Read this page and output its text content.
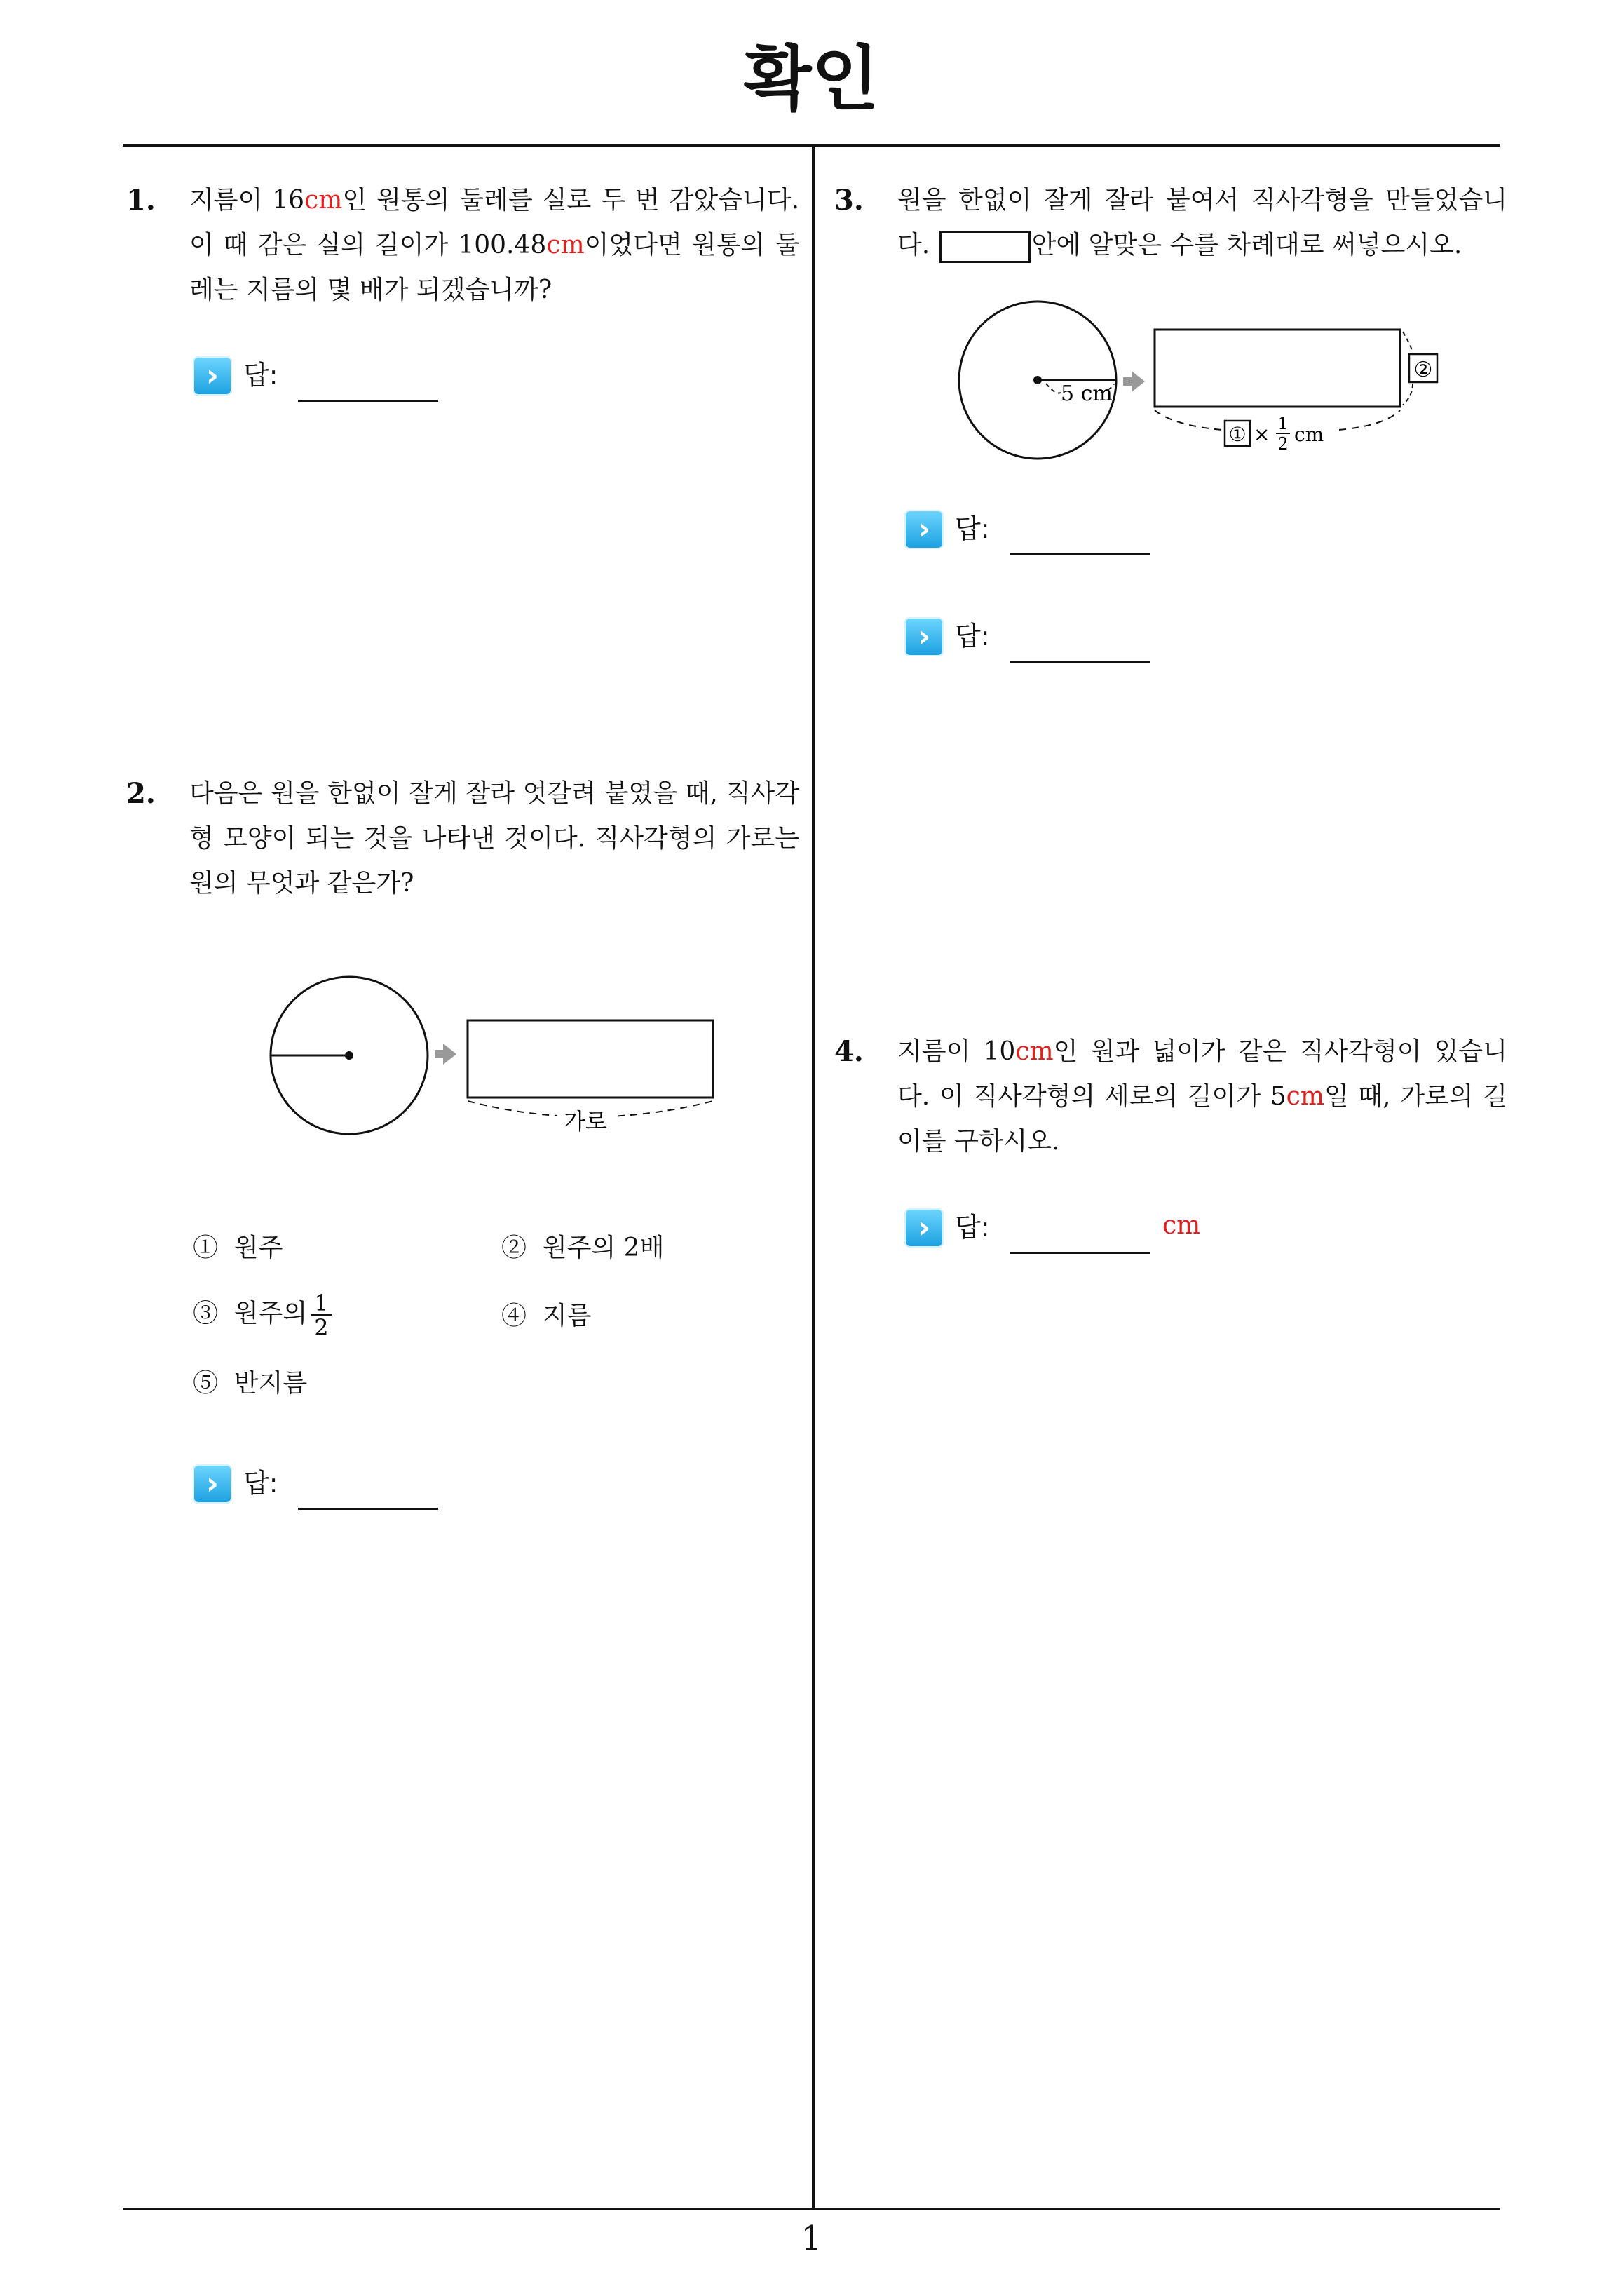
확인
1
1. 지름이 16cm인 원통의 둘레를 실로 두 번 감았습니다. 이 때 감은 실의 길이가 100.48cm이었다면 원통의 둘레는 지름의 몇 배가 되겠습니까?
› 답:
2. 다음은 원을 한없이 잘게 잘라 엇갈려 붙였을 때, 직사각형 모양이 되는 것을 나타낸 것이다. 직사각형의 가로는 원의 무엇과 같은가?
가로
① 원주	② 원주의 2배
③ 원주의 $\frac{1}{2}$	④ 지름
⑤ 반지름
› 답:
3. 원을 한없이 잘게 잘라 붙여서 직사각형을 만들었습니다.	안에 알맞은 수를 차례대로 써넣으시오.
5 cm
②
① × 1
2 cm
› 답:
› 답:
4. 지름이 10cm인 원과 넓이가 같은 직사각형이 있습니다. 이 직사각형의 세로의 길이가 5cm일 때, 가로의 길이를 구하시오.
› 답:	cm
